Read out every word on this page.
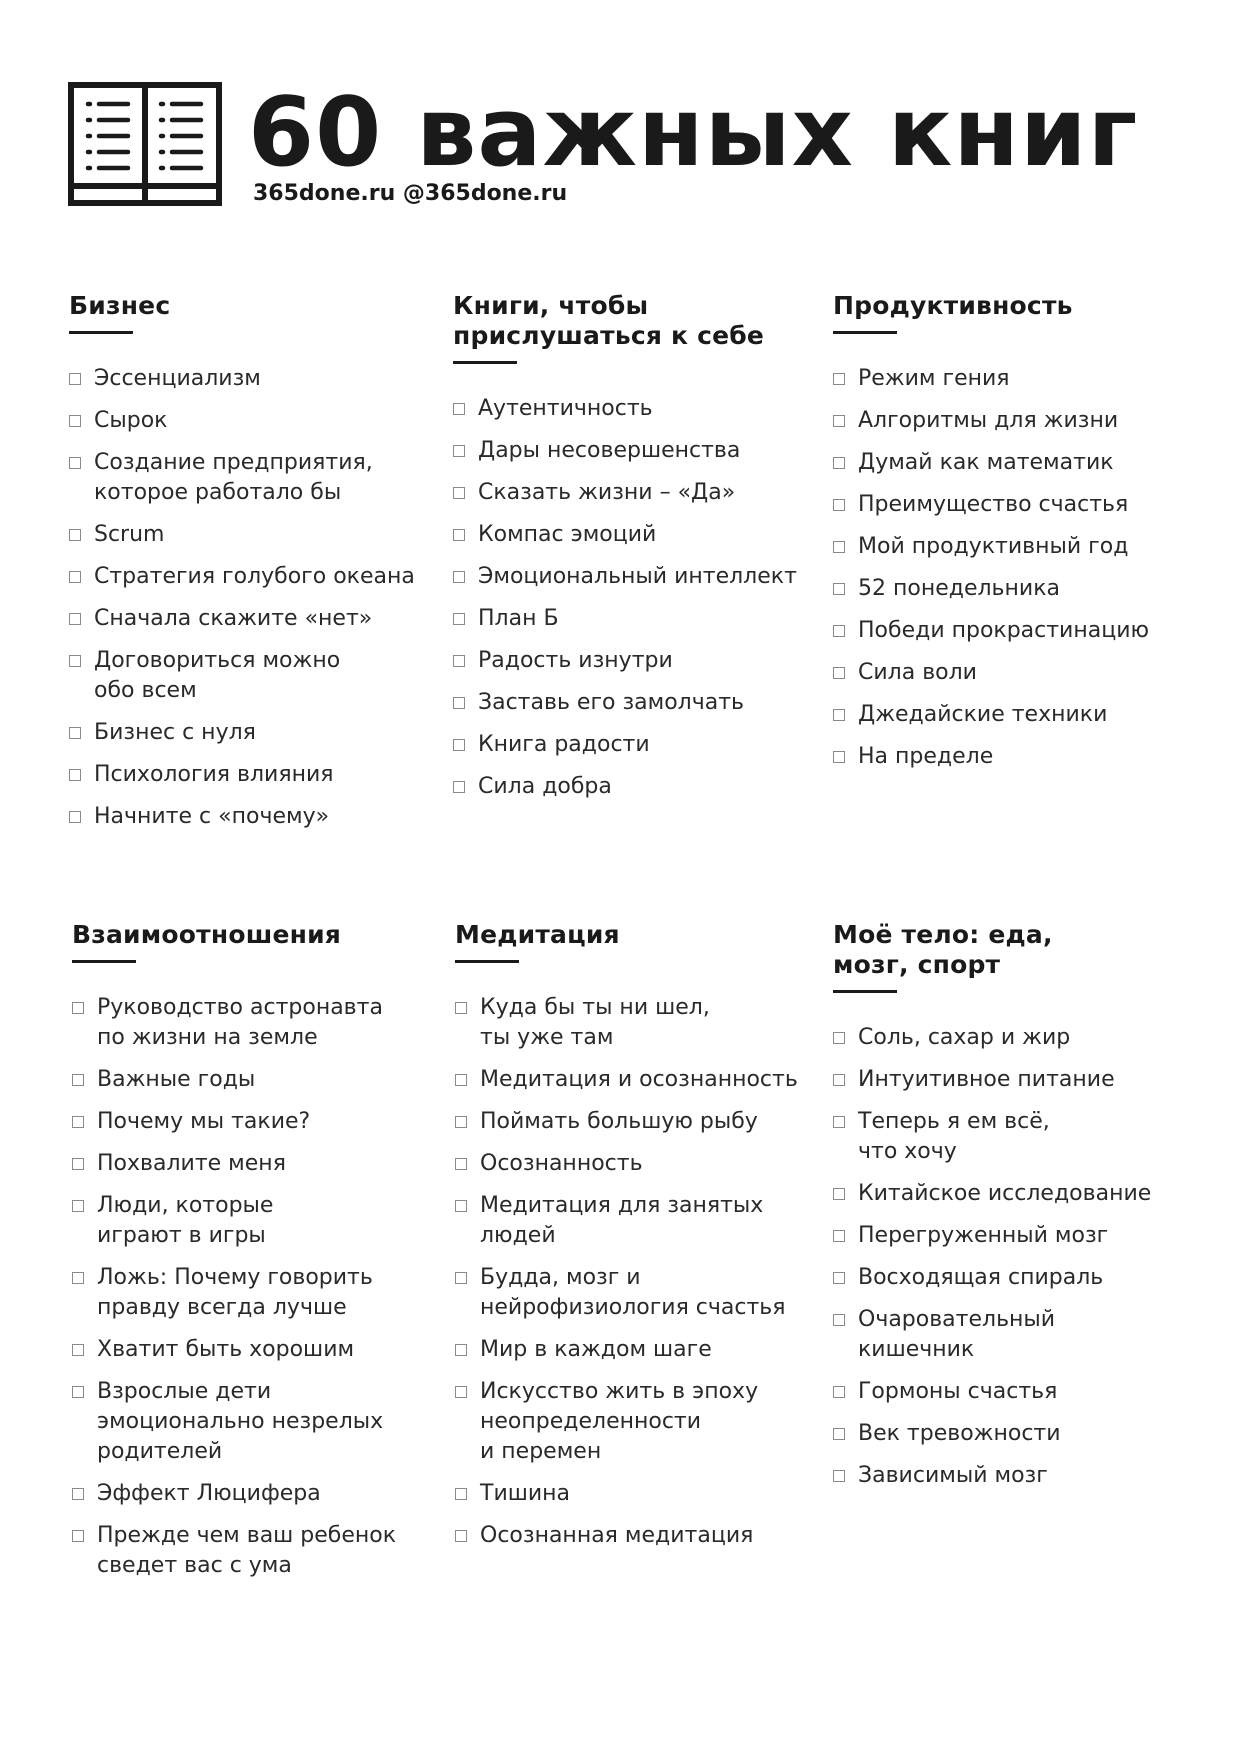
60 важных книг

365done.ru @365done.ru

Бизнес
Эссенциализм
Сырок
Создание предприятия,
которое работало бы
Scrum
Стратегия голубого океана
Сначала скажите «нет»
Договориться можно
обо всем
Бизнес с нуля
Психология влияния
Начните с «почему»
Книги, чтобы
прислушаться к себе
Аутентичность
Дары несовершенства
Сказать жизни – «Да»
Компас эмоций
Эмоциональный интеллект
План Б
Радость изнутри
Заставь его замолчать
Книга радости
Сила добра
Продуктивность
Режим гения
Алгоритмы для жизни
Думай как математик
Преимущество счастья
Мой продуктивный год
52 понедельника
Победи прокрастинацию
Сила воли
Джедайские техники
На пределе
Взаимоотношения
Руководство астронавта
по жизни на земле
Важные годы
Почему мы такие?
Похвалите меня
Люди, которые
играют в игры
Ложь: Почему говорить
правду всегда лучше
Хватит быть хорошим
Взрослые дети
эмоционально незрелых
родителей
Эффект Люцифера
Прежде чем ваш ребенок
сведет вас с ума
Медитация
Куда бы ты ни шел,
ты уже там
Медитация и осознанность
Поймать большую рыбу
Осознанность
Медитация для занятых
людей
Будда, мозг и
нейрофизиология счастья
Мир в каждом шаге
Искусство жить в эпоху
неопределенности
и перемен
Тишина
Осознанная медитация
Моё тело: еда,
мозг, спорт
Соль, сахар и жир
Интуитивное питание
Теперь я ем всё,
что хочу
Китайское исследование
Перегруженный мозг
Восходящая спираль
Очаровательный
кишечник
Гормоны счастья
Век тревожности
Зависимый мозг
